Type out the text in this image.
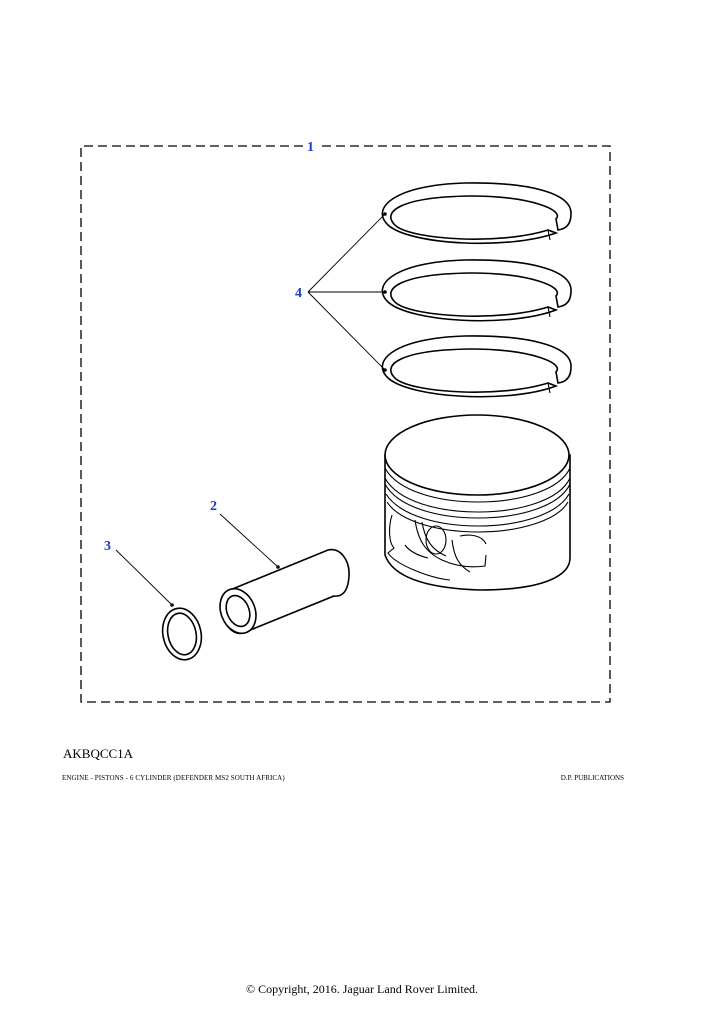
1
4
2
3
AKBQCC1A
ENGINE - PISTONS - 6 CYLINDER (DEFENDER MS2 SOUTH AFRICA)	D.P. PUBLICATIONS
© Copyright, 2016. Jaguar Land Rover Limited.
